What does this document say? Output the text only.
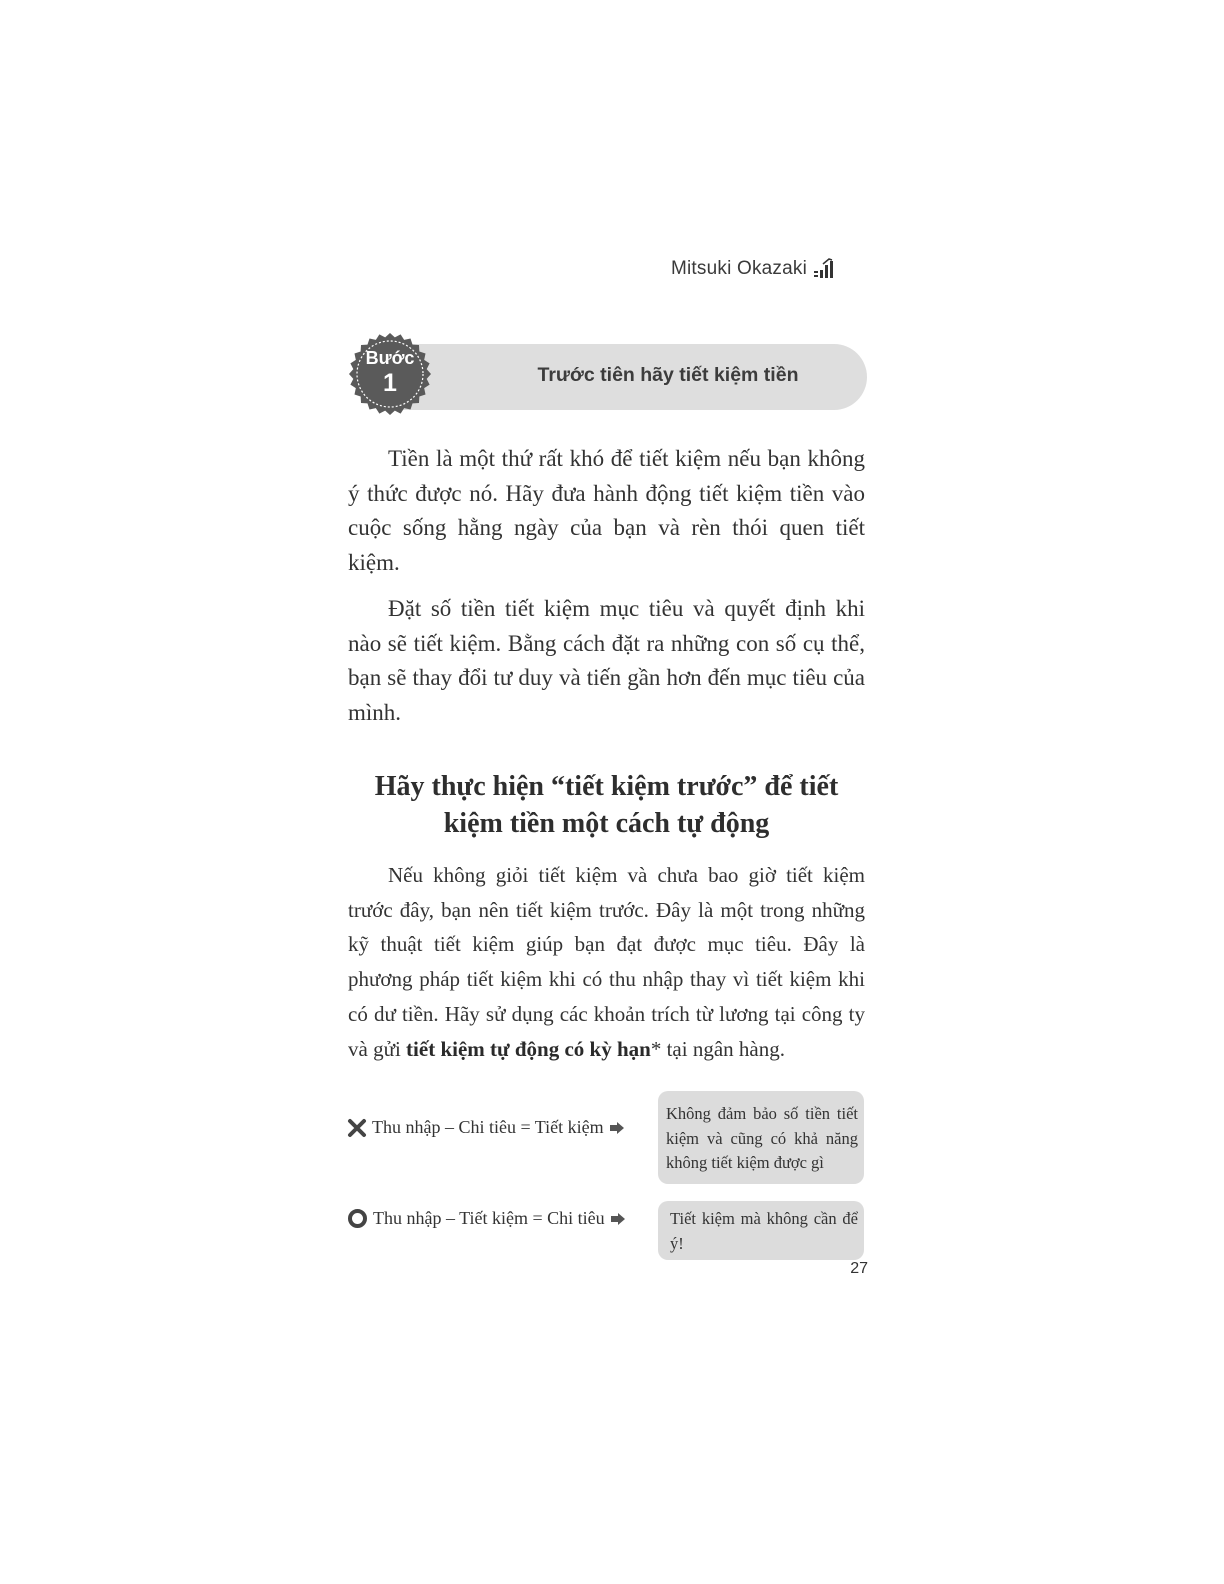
Mitsuki Okazaki
Trước tiên hãy tiết kiệm tiền
Bước
1

Tiền là một thứ rất khó để tiết kiệm nếu bạn không ý thức được nó. Hãy đưa hành động tiết kiệm tiền vào cuộc sống hằng ngày của bạn và rèn thói quen tiết kiệm.

Đặt số tiền tiết kiệm mục tiêu và quyết định khi nào sẽ tiết kiệm. Bằng cách đặt ra những con số cụ thể, bạn sẽ thay đổi tư duy và tiến gần hơn đến mục tiêu của mình.

Hãy thực hiện “tiết kiệm trước” để tiết kiệm tiền một cách tự động

Nếu không giỏi tiết kiệm và chưa bao giờ tiết kiệm trước đây, bạn nên tiết kiệm trước. Đây là một trong những kỹ thuật tiết kiệm giúp bạn đạt được mục tiêu. Đây là phương pháp tiết kiệm khi có thu nhập thay vì tiết kiệm khi có dư tiền. Hãy sử dụng các khoản trích từ lương tại công ty và gửi tiết kiệm tự động có kỳ hạn* tại ngân hàng.

Thu nhập – Chi tiêu = Tiết kiệm
Không đảm bảo số tiền tiết kiệm và cũng có khả năng không tiết kiệm được gì
Thu nhập – Tiết kiệm = Chi tiêu	Tiết kiệm mà không cần để ý!
27
